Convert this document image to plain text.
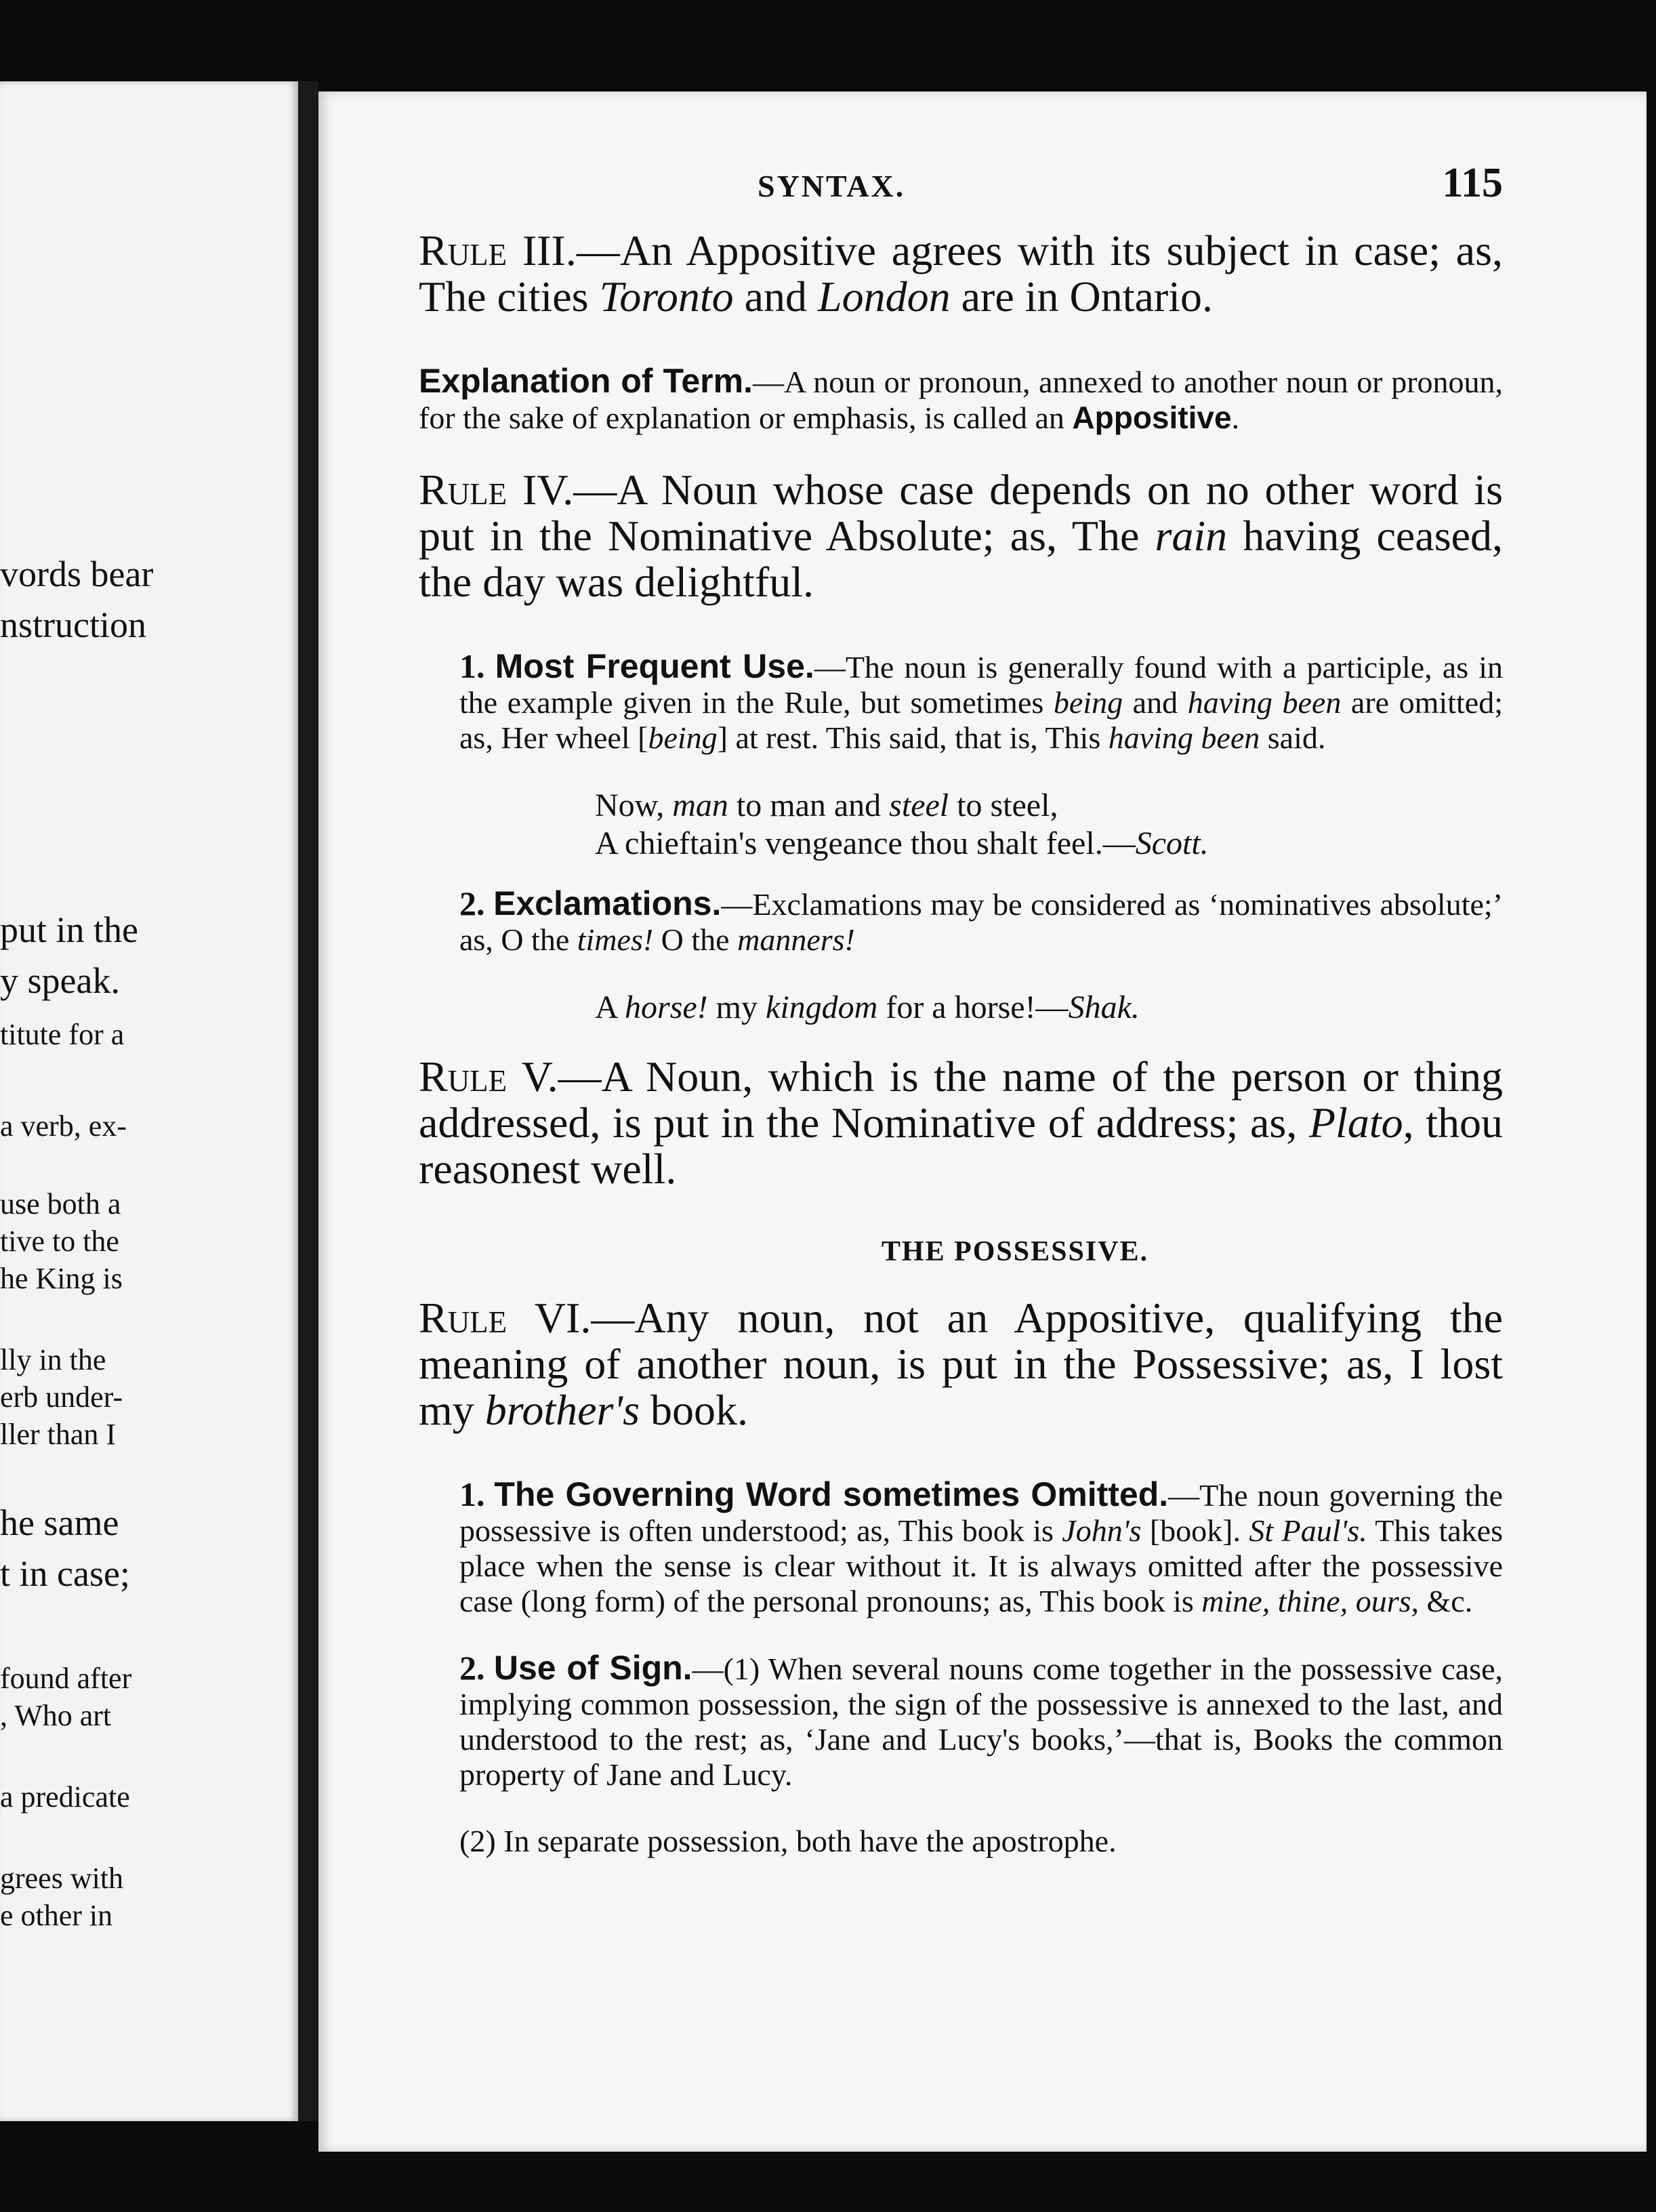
vords bear
nstruction
put in the
y speak.
titute for a
a verb, ex-
use both a
tive to the
he King is
lly in the
erb under-
ller than I
he same
t in case;
found after
, Who art
a predicate
grees with
e other in
SYNTAX.	115

Rule III.—An Appositive agrees with its subject in case; as, The cities Toronto and London are in Ontario.

Explanation of Term.—A noun or pronoun, annexed to another noun or pronoun, for the sake of explanation or emphasis, is called an Appositive.

Rule IV.—A Noun whose case depends on no other word is put in the Nominative Absolute; as, The rain having ceased, the day was delightful.

1. Most Frequent Use.—The noun is generally found with a participle, as in the example given in the Rule, but sometimes being and having been are omitted; as, Her wheel [being] at rest. This said, that is, This having been said.

Now, man to man and steel to steel,
A chieftain's vengeance thou shalt feel.—Scott.

2. Exclamations.—Exclamations may be considered as ‘nominatives absolute;’ as, O the times! O the manners!

A horse! my kingdom for a horse!—Shak.

Rule V.—A Noun, which is the name of the person or thing addressed, is put in the Nominative of address; as, Plato, thou reasonest well.

THE POSSESSIVE.

Rule VI.—Any noun, not an Appositive, qualifying the meaning of another noun, is put in the Possessive; as, I lost my brother's book.

1. The Governing Word sometimes Omitted.—The noun governing the possessive is often understood; as, This book is John's [book]. St Paul's. This takes place when the sense is clear without it. It is always omitted after the possessive case (long form) of the personal pronouns; as, This book is mine, thine, ours, &c.

2. Use of Sign.—(1) When several nouns come together in the possessive case, implying common possession, the sign of the possessive is annexed to the last, and understood to the rest; as, ‘Jane and Lucy's books,’—that is, Books the common property of Jane and Lucy.

(2) In separate possession, both have the apostrophe.
